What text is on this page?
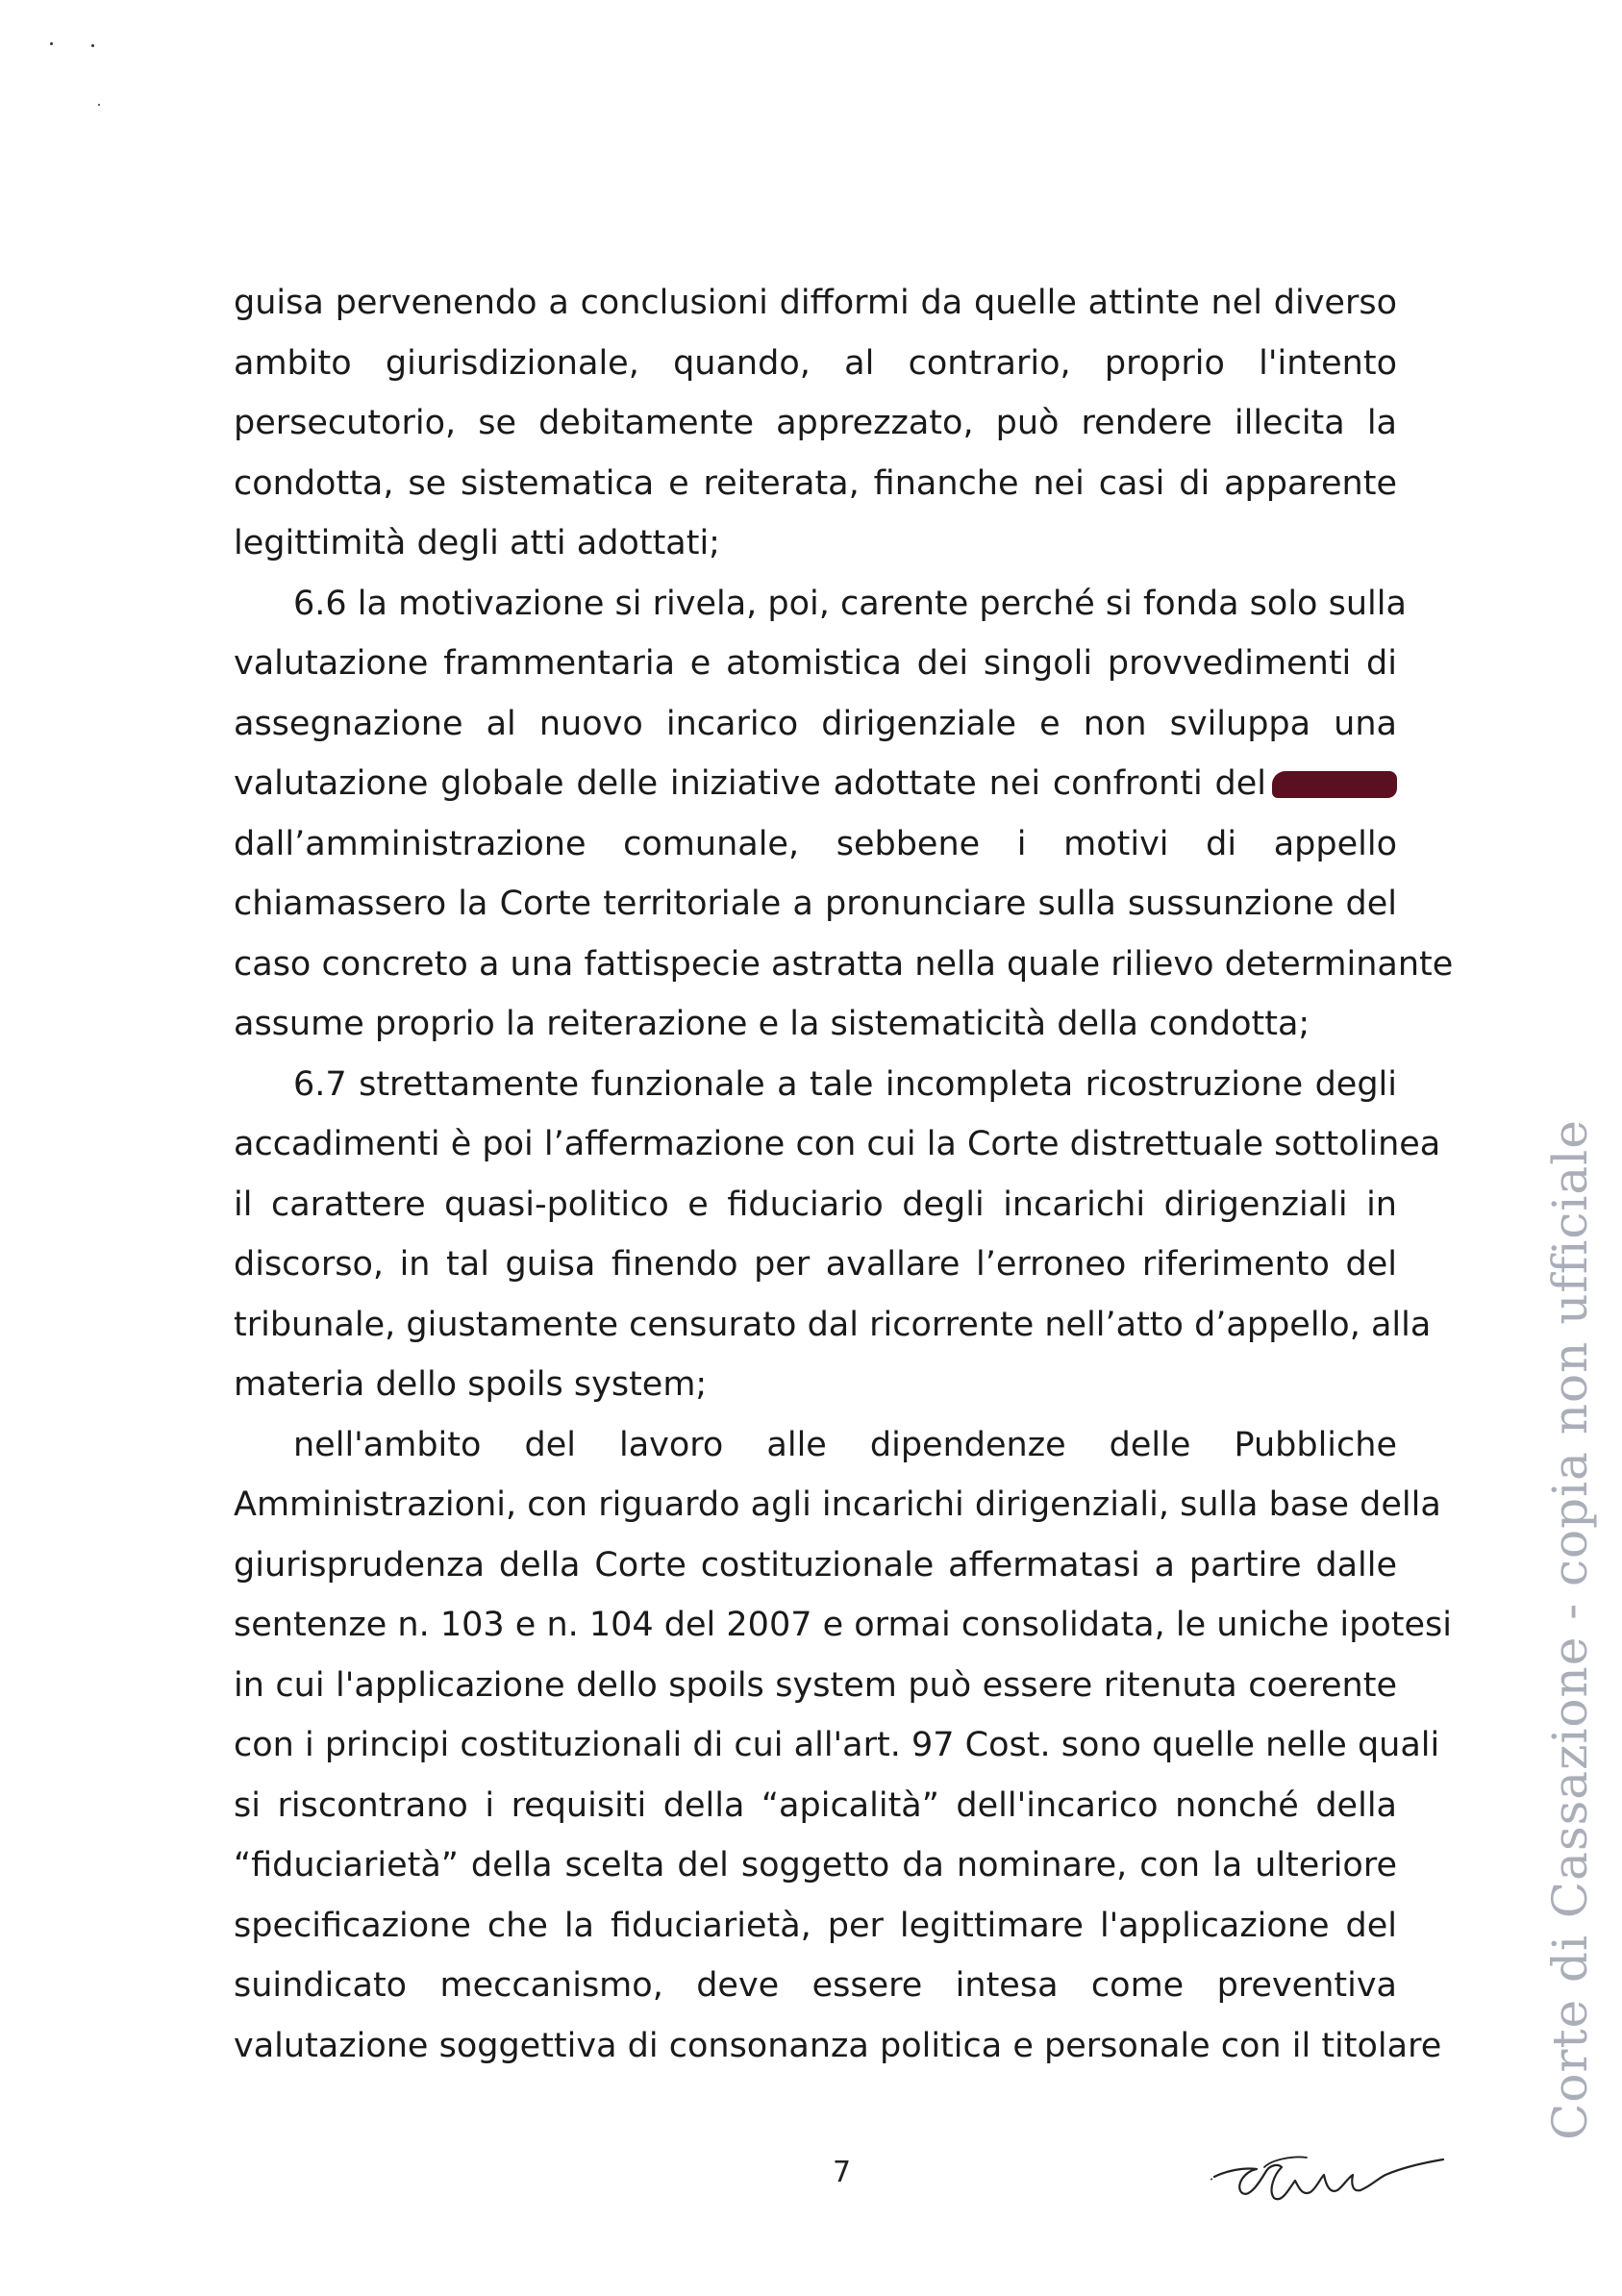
guisa pervenendo a conclusioni difformi da quelle attinte nel diverso
ambito giurisdizionale, quando, al contrario, proprio l'intento
persecutorio, se debitamente apprezzato, può rendere illecita la
condotta, se sistematica e reiterata, finanche nei casi di apparente
legittimità degli atti adottati;
6.6 la motivazione si rivela, poi, carente perché si fonda solo sulla
valutazione frammentaria e atomistica dei singoli provvedimenti di
assegnazione al nuovo incarico dirigenziale e non sviluppa una
valutazione globale delle iniziative adottate nei confronti del
dall’amministrazione comunale, sebbene i motivi di appello
chiamassero la Corte territoriale a pronunciare sulla sussunzione del
caso concreto a una fattispecie astratta nella quale rilievo determinante
assume proprio la reiterazione e la sistematicità della condotta;
6.7 strettamente funzionale a tale incompleta ricostruzione degli
accadimenti è poi l’affermazione con cui la Corte distrettuale sottolinea
il carattere quasi-politico e fiduciario degli incarichi dirigenziali in
discorso, in tal guisa finendo per avallare l’erroneo riferimento del
tribunale, giustamente censurato dal ricorrente nell’atto d’appello, alla
materia dello spoils system;
nell'ambito del lavoro alle dipendenze delle Pubbliche
Amministrazioni, con riguardo agli incarichi dirigenziali, sulla base della
giurisprudenza della Corte costituzionale affermatasi a partire dalle
sentenze n. 103 e n. 104 del 2007 e ormai consolidata, le uniche ipotesi
in cui l'applicazione dello spoils system può essere ritenuta coerente
con i principi costituzionali di cui all'art. 97 Cost. sono quelle nelle quali
si riscontrano i requisiti della “apicalità” dell'incarico nonché della
“fiduciarietà” della scelta del soggetto da nominare, con la ulteriore
specificazione che la fiduciarietà, per legittimare l'applicazione del
suindicato meccanismo, deve essere intesa come preventiva
valutazione soggettiva di consonanza politica e personale con il titolare Corte di Cassazione - copia non ufficiale
7
